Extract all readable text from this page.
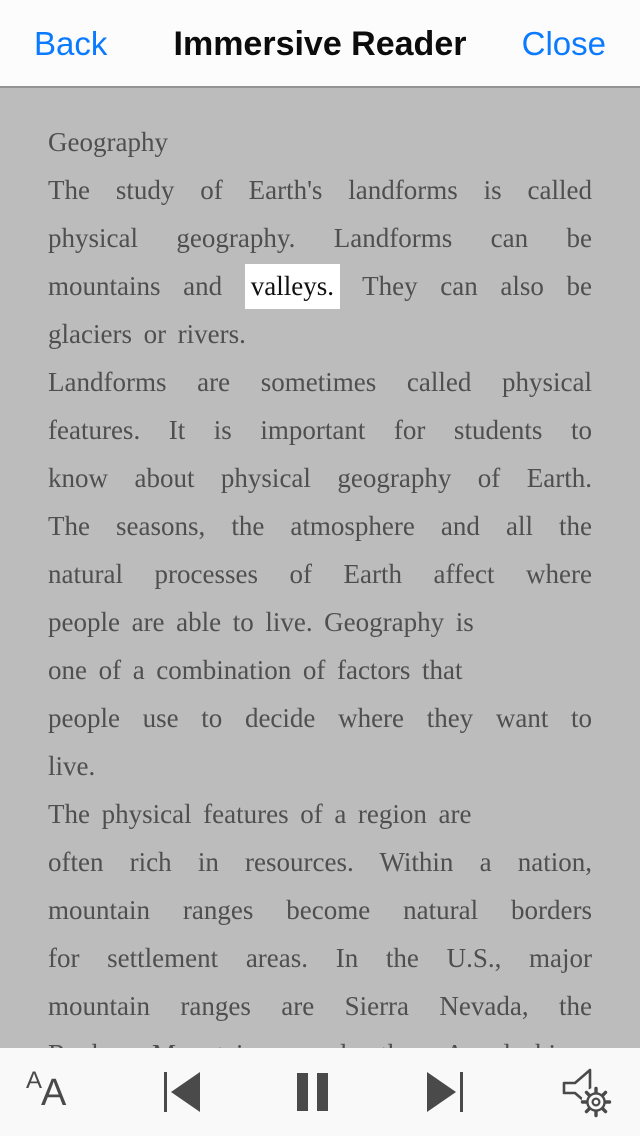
Back	Immersive Reader	Close
Geography
The study of Earth's landforms is called
physical geography. Landforms can be
mountains and valleys. They can also be
glaciers or rivers.
Landforms are sometimes called physical
features. It is important for students to
know about physical geography of Earth.
The seasons, the atmosphere and all the
natural processes of Earth affect where
people are able to live. Geography is
one of a combination of factors that
people use to decide where they want to
live.
The physical features of a region are
often rich in resources. Within a nation,
mountain ranges become natural borders
for settlement areas. In the U.S., major
mountain ranges are Sierra Nevada, the
A A
